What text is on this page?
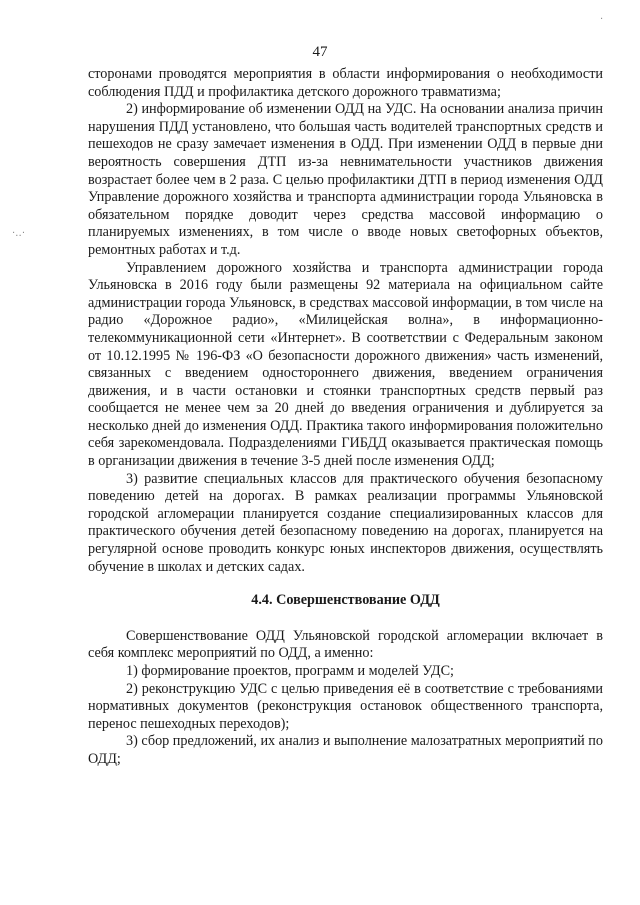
47
·‥·
·

сторонами проводятся мероприятия в области информирования о необходимости соблюдения ПДД и профилактика детского дорожного травматизма;

2) информирование об изменении ОДД на УДС. На основании анализа причин нарушения ПДД установлено, что большая часть водителей транспортных средств и пешеходов не сразу замечает изменения в ОДД. При изменении ОДД в первые дни вероятность совершения ДТП из-за невнимательности участников движения возрастает более чем в 2 раза. С целью профилактики ДТП в период изменения ОДД Управление дорожного хозяйства и транспорта администрации города Ульяновска в обязательном порядке доводит через средства массовой информацию о планируемых изменениях, в том числе о вводе новых светофорных объектов, ремонтных работах и т.д.

Управлением дорожного хозяйства и транспорта администрации города Ульяновска в 2016 году были размещены 92 материала на официальном сайте администрации города Ульяновск, в средствах массовой информации, в том числе на радио «Дорожное радио», «Милицейская волна», в информационно-телекоммуникационной сети «Интернет». В соответствии с Федеральным законом от 10.12.1995 № 196-ФЗ «О безопасности дорожного движения» часть изменений, связанных с введением одностороннего движения, введением ограничения движения, и в части остановки и стоянки транспортных средств первый раз сообщается не менее чем за 20 дней до введения ограничения и дублируется за несколько дней до изменения ОДД. Практика такого информирования положительно себя зарекомендовала. Подразделениями ГИБДД оказывается практическая помощь в организации движения в течение 3-5 дней после изменения ОДД;

3) развитие специальных классов для практического обучения безопасному поведению детей на дорогах. В рамках реализации программы Ульяновской городской агломерации планируется создание специализированных классов для практического обучения детей безопасному поведению на дорогах, планируется на регулярной основе проводить конкурс юных инспекторов движения, осуществлять обучение в школах и детских садах.

4.4. Совершенствование ОДД

Совершенствование ОДД Ульяновской городской агломерации включает в себя комплекс мероприятий по ОДД, а именно:

1) формирование проектов, программ и моделей УДС;

2) реконструкцию УДС с целью приведения её в соответствие с требованиями нормативных документов (реконструкция остановок общественного транспорта, перенос пешеходных переходов);

3) сбор предложений, их анализ и выполнение малозатратных мероприятий по ОДД;
